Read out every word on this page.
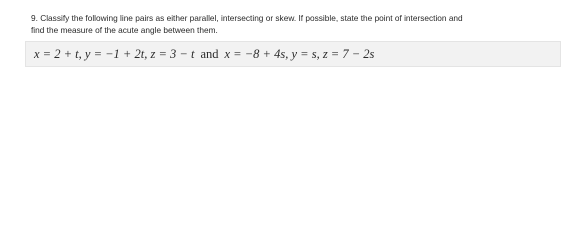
9. Classify the following line pairs as either parallel, intersecting or skew. If possible, state the point of intersection and
find the measure of the acute angle between them.
x = 2 + t, y = −1 + 2t, z = 3 − t and x = −8 + 4s, y = s, z = 7 − 2s
